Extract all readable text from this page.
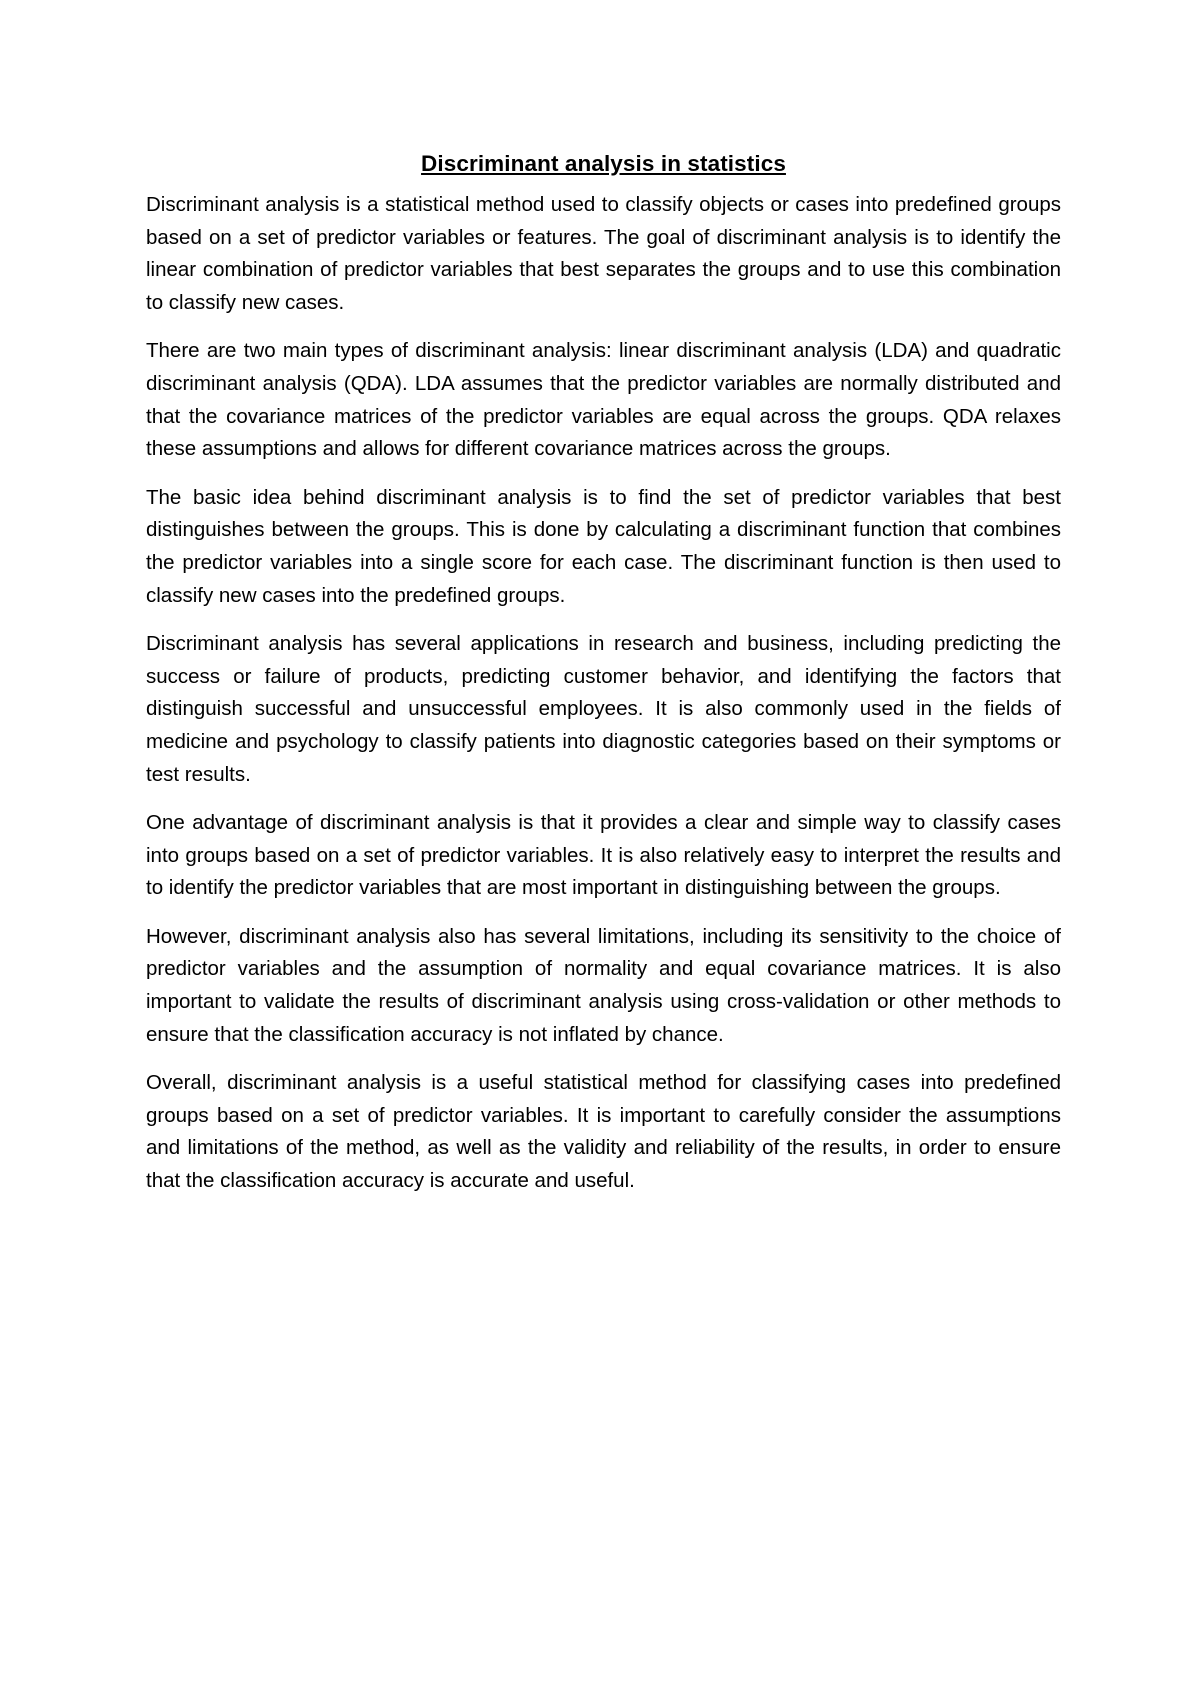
Discriminant analysis in statistics

Discriminant analysis is a statistical method used to classify objects or cases into predefined groups based on a set of predictor variables or features. The goal of discriminant analysis is to identify the linear combination of predictor variables that best separates the groups and to use this combination to classify new cases.

There are two main types of discriminant analysis: linear discriminant analysis (LDA) and quadratic discriminant analysis (QDA). LDA assumes that the predictor variables are normally distributed and that the covariance matrices of the predictor variables are equal across the groups. QDA relaxes these assumptions and allows for different covariance matrices across the groups.

The basic idea behind discriminant analysis is to find the set of predictor variables that best distinguishes between the groups. This is done by calculating a discriminant function that combines the predictor variables into a single score for each case. The discriminant function is then used to classify new cases into the predefined groups.

Discriminant analysis has several applications in research and business, including predicting the success or failure of products, predicting customer behavior, and identifying the factors that distinguish successful and unsuccessful employees. It is also commonly used in the fields of medicine and psychology to classify patients into diagnostic categories based on their symptoms or test results.

One advantage of discriminant analysis is that it provides a clear and simple way to classify cases into groups based on a set of predictor variables. It is also relatively easy to interpret the results and to identify the predictor variables that are most important in distinguishing between the groups.

However, discriminant analysis also has several limitations, including its sensitivity to the choice of predictor variables and the assumption of normality and equal covariance matrices. It is also important to validate the results of discriminant analysis using cross-validation or other methods to ensure that the classification accuracy is not inflated by chance.

Overall, discriminant analysis is a useful statistical method for classifying cases into predefined groups based on a set of predictor variables. It is important to carefully consider the assumptions and limitations of the method, as well as the validity and reliability of the results, in order to ensure that the classification accuracy is accurate and useful.
